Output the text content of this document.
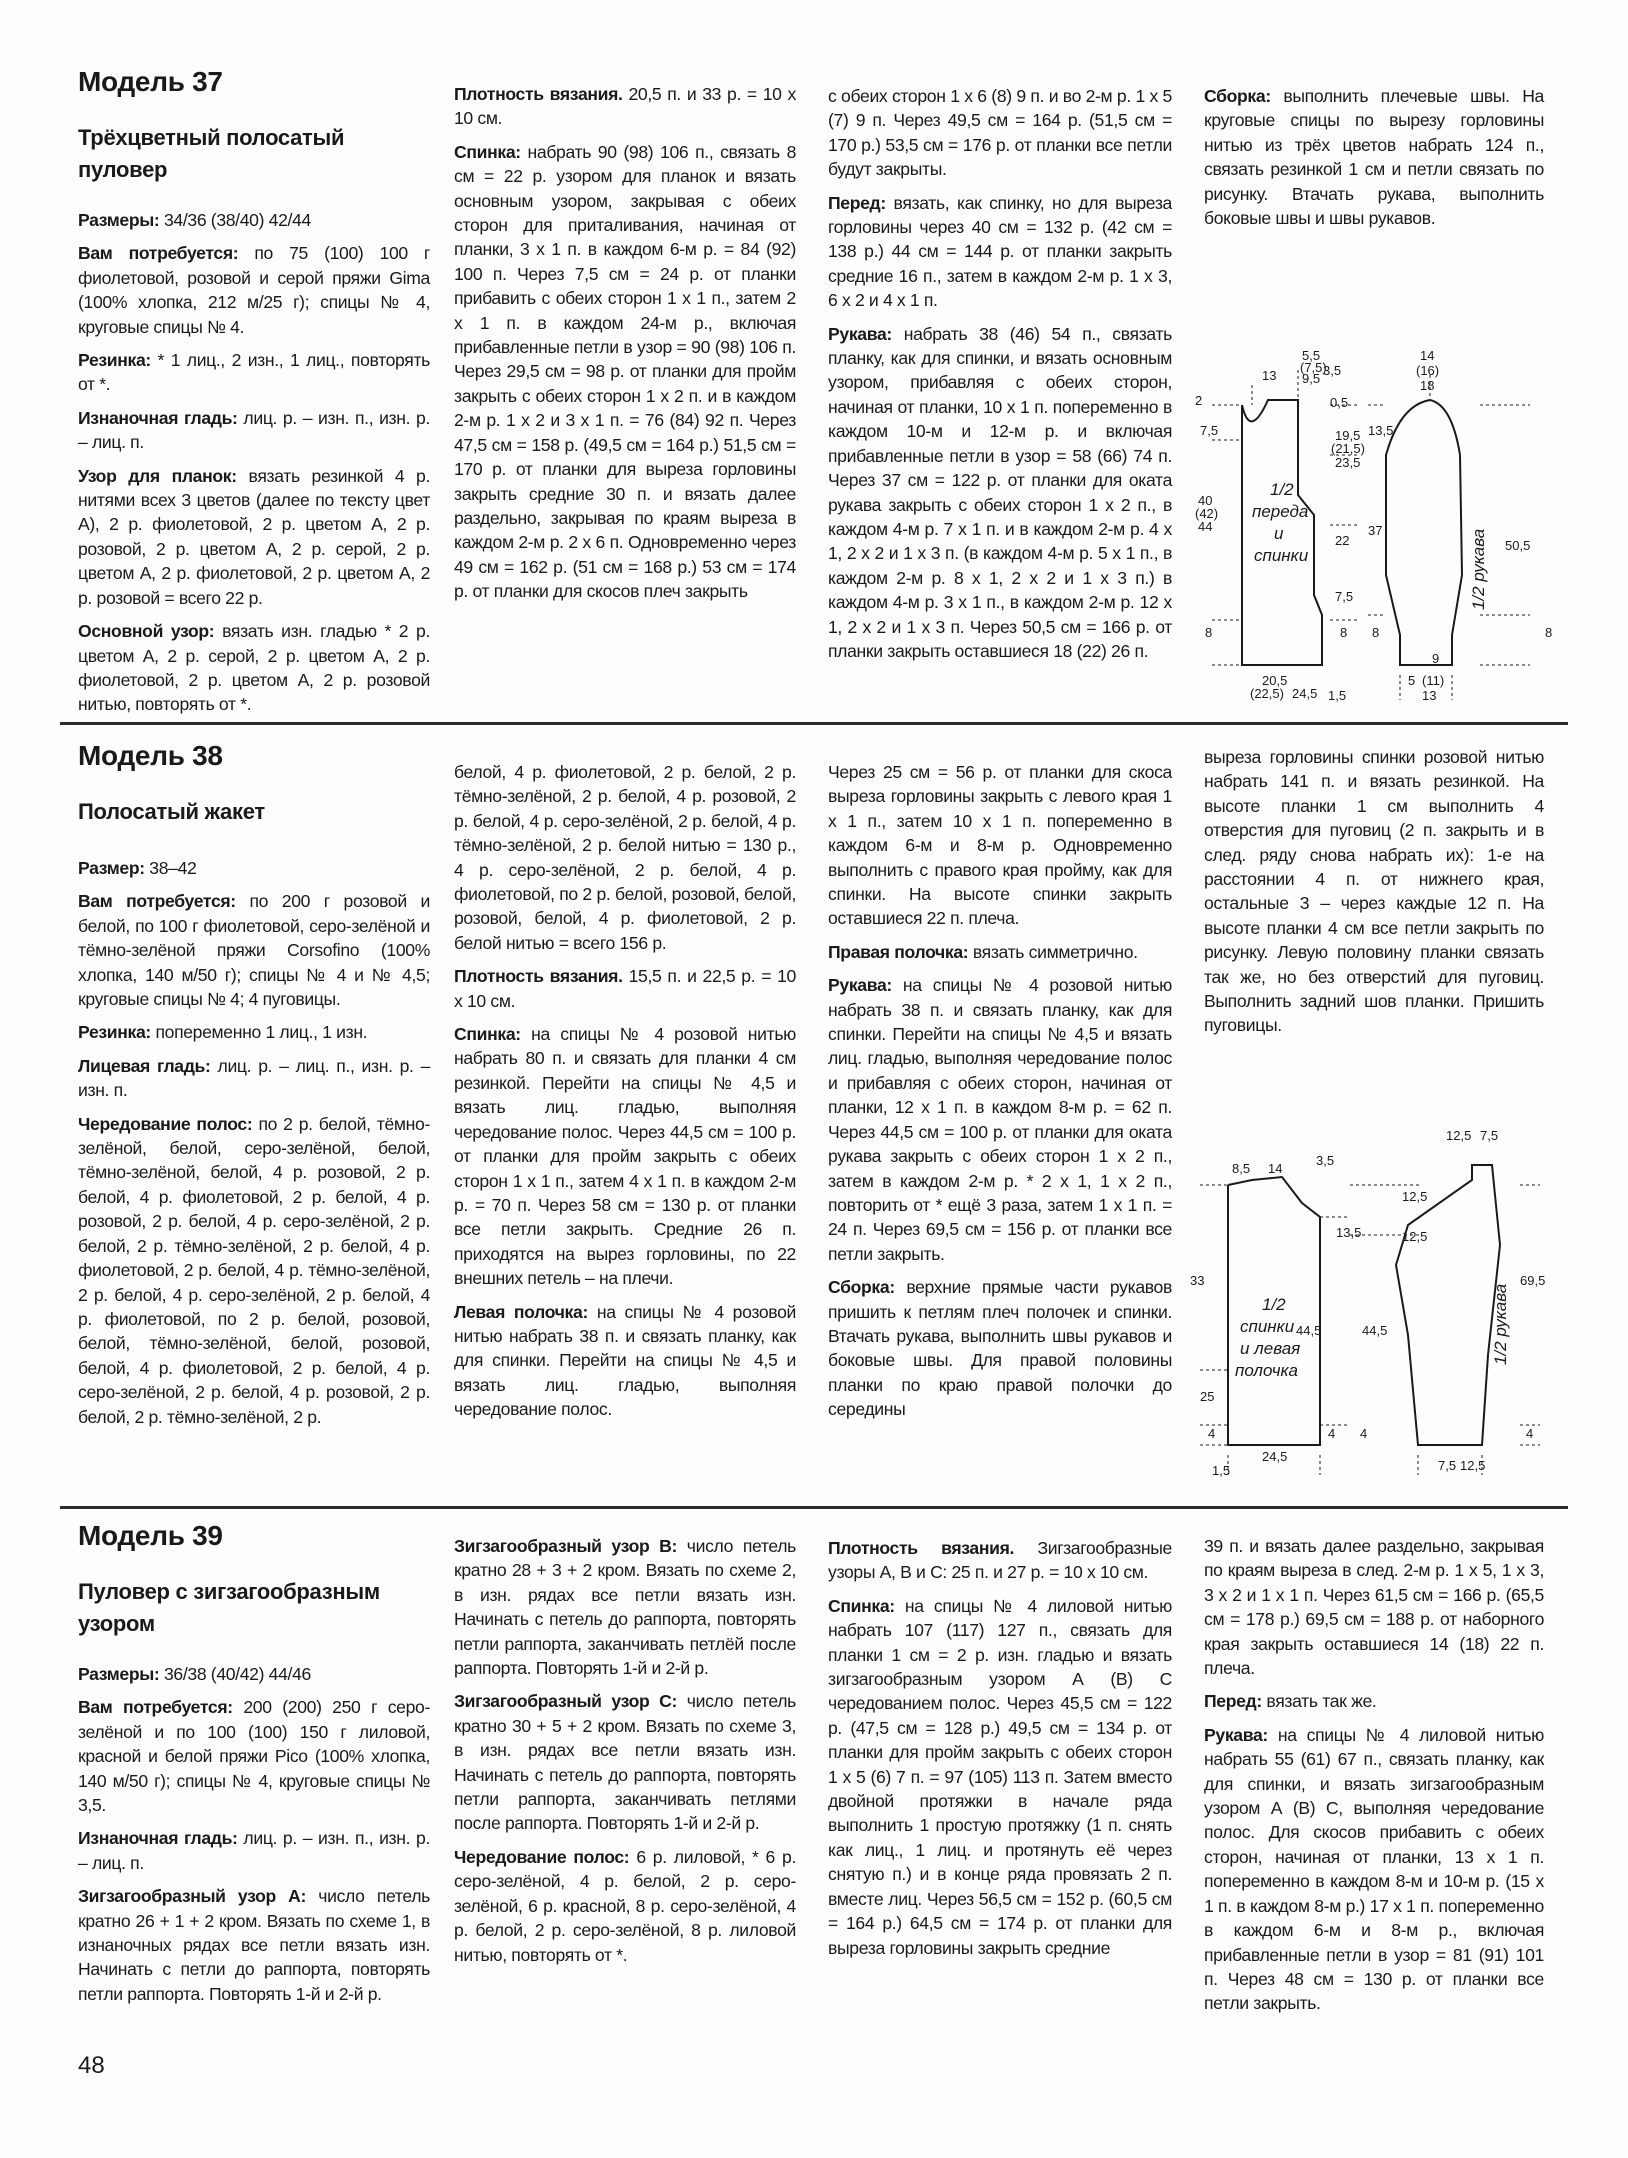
Модель 37
Трёхцветный полосатый пуловер
Размеры: 34/36 (38/40) 42/44
Вам потребуется: по 75 (100) 100 г фиолетовой, розовой и серой пряжи Gima (100% хлопка, 212 м/25 г); спицы № 4, круговые спицы № 4.
Резинка: * 1 лиц., 2 изн., 1 лиц., повторять от *.
Изнаночная гладь: лиц. р. – изн. п., изн. р. – лиц. п.
Узор для планок: вязать резинкой 4 р. нитями всех 3 цветов (далее по тексту цвет А), 2 р. фиолетовой, 2 р. цветом А, 2 р. розовой, 2 р. цветом А, 2 р. серой, 2 р. цветом А, 2 р. фиолетовой, 2 р. цветом А, 2 р. розовой = всего 22 р.
Основной узор: вязать изн. гладью * 2 р. цветом А, 2 р. серой, 2 р. цветом А, 2 р. фиолетовой, 2 р. цветом А, 2 р. розовой нитью, повторять от *.
Плотность вязания. 20,5 п. и 33 р. = 10 х 10 см.
Спинка: набрать 90 (98) 106 п., связать 8 см = 22 р. узором для планок и вязать основным узором, закрывая с обеих сторон для приталивания, начиная от планки, 3 х 1 п. в каждом 6-м р. = 84 (92) 100 п. Через 7,5 см = 24 р. от планки прибавить с обеих сторон 1 х 1 п., затем 2 х 1 п. в каждом 24-м р., включая прибавленные петли в узор = 90 (98) 106 п. Через 29,5 см = 98 р. от планки для пройм закрыть с обеих сторон 1 х 2 п. и в каждом 2-м р. 1 х 2 и 3 х 1 п. = 76 (84) 92 п. Через 47,5 см = 158 р. (49,5 см = 164 р.) 51,5 см = 170 р. от планки для выреза горловины закрыть средние 30 п. и вязать далее раздельно, закрывая по краям выреза в каждом 2-м р. 2 х 6 п. Одновременно через 49 см = 162 р. (51 см = 168 р.) 53 см = 174 р. от планки для скосов плеч закрыть
с обеих сторон 1 х 6 (8) 9 п. и во 2-м р. 1 х 5 (7) 9 п. Через 49,5 см = 164 р. (51,5 см = 170 р.) 53,5 см = 176 р. от планки все петли будут закрыты.
Перед: вязать, как спинку, но для выреза горловины через 40 см = 132 р. (42 см = 138 р.) 44 см = 144 р. от планки закрыть средние 16 п., затем в каждом 2-м р. 1 х 3, 6 х 2 и 4 х 1 п.
Рукава: набрать 38 (46) 54 п., связать планку, как для спинки, и вязать основным узором, прибавляя с обеих сторон, начиная от планки, 10 х 1 п. попеременно в каждом 10-м и 12-м р. и включая прибавленные петли в узор = 58 (66) 74 п. Через 37 см = 122 р. от планки для оката рукава закрыть с обеих сторон 1 х 2 п., в каждом 4-м р. 7 х 1 п. и в каждом 2-м р. 4 х 1, 2 х 2 и 1 х 3 п. (в каждом 4-м р. 5 х 1 п., в каждом 2-м р. 8 х 1, 2 х 2 и 1 х 3 п.) в каждом 4-м р. 3 х 1 п., в каждом 2-м р. 12 х 1, 2 х 2 и 1 х 3 п. Через 50,5 см = 166 р. от планки закрыть оставшиеся 18 (22) 26 п.
Сборка: выполнить плечевые швы. На круговые спицы по вырезу горловины нитью из трёх цветов набрать 124 п., связать резинкой 1 см и петли связать по рисунку. Втачать рукава, выполнить боковые швы и швы рукавов.
13
5,5
(7,5)
9,5
3,5
2	0,5
7,5	19,5
(21,5)
23,5
40
(42)
44
22
7,5
8	8
20,5
(22,5) 24,5 1,5
14
(16)
18
13,5
37
50,5
8	8
9
5 (11)
13
1/2
переда
и
спинки	1/2 рукава
Модель 38
Полосатый жакет
Размер: 38–42
Вам потребуется: по 200 г розовой и белой, по 100 г фиолетовой, серо-зелёной и тёмно-зелёной пряжи Corsofino (100% хлопка, 140 м/50 г); спицы № 4 и № 4,5; круговые спицы № 4; 4 пуговицы.
Резинка: попеременно 1 лиц., 1 изн.
Лицевая гладь: лиц. р. – лиц. п., изн. р. – изн. п.
Чередование полос: по 2 р. белой, тёмно-зелёной, белой, серо-зелёной, белой, тёмно-зелёной, белой, 4 р. розовой, 2 р. белой, 4 р. фиолетовой, 2 р. белой, 4 р. розовой, 2 р. белой, 4 р. серо-зелёной, 2 р. белой, 2 р. тёмно-зелёной, 2 р. белой, 4 р. фиолетовой, 2 р. белой, 4 р. тёмно-зелёной, 2 р. белой, 4 р. серо-зелёной, 2 р. белой, 4 р. фиолетовой, по 2 р. белой, розовой, белой, тёмно-зелёной, белой, розовой, белой, 4 р. фиолетовой, 2 р. белой, 4 р. серо-зелёной, 2 р. белой, 4 р. розовой, 2 р. белой, 2 р. тёмно-зелёной, 2 р.
белой, 4 р. фиолетовой, 2 р. белой, 2 р. тёмно-зелёной, 2 р. белой, 4 р. розовой, 2 р. белой, 4 р. серо-зелёной, 2 р. белой, 4 р. тёмно-зелёной, 2 р. белой нитью = 130 р., 4 р. серо-зелёной, 2 р. белой, 4 р. фиолетовой, по 2 р. белой, розовой, белой, розовой, белой, 4 р. фиолетовой, 2 р. белой нитью = всего 156 р.
Плотность вязания. 15,5 п. и 22,5 р. = 10 х 10 см.
Спинка: на спицы № 4 розовой нитью набрать 80 п. и связать для планки 4 см резинкой. Перейти на спицы № 4,5 и вязать лиц. гладью, выполняя чередование полос. Через 44,5 см = 100 р. от планки для пройм закрыть с обеих сторон 1 х 1 п., затем 4 х 1 п. в каждом 2-м р. = 70 п. Через 58 см = 130 р. от планки все петли закрыть. Средние 26 п. приходятся на вырез горловины, по 22 внешних петель – на плечи.
Левая полочка: на спицы № 4 розовой нитью набрать 38 п. и связать планку, как для спинки. Перейти на спицы № 4,5 и вязать лиц. гладью, выполняя чередование полос.
Через 25 см = 56 р. от планки для скоса выреза горловины закрыть с левого края 1 х 1 п., затем 10 х 1 п. попеременно в каждом 6-м и 8-м р. Одновременно выполнить с правого края пройму, как для спинки. На высоте спинки закрыть оставшиеся 22 п. плеча.
Правая полочка: вязать симметрично.
Рукава: на спицы № 4 розовой нитью набрать 38 п. и связать планку, как для спинки. Перейти на спицы № 4,5 и вязать лиц. гладью, выполняя чередование полос и прибавляя с обеих сторон, начиная от планки, 12 х 1 п. в каждом 8-м р. = 62 п. Через 44,5 см = 100 р. от планки для оката рукава закрыть с обеих сторон 1 х 2 п., затем в каждом 2-м р. * 2 х 1, 1 х 2 п., повторить от * ещё 3 раза, затем 1 х 1 п. = 24 п. Через 69,5 см = 156 р. от планки все петли закрыть.
Сборка: верхние прямые части рукавов пришить к петлям плеч полочек и спинки. Втачать рукава, выполнить швы рукавов и боковые швы. Для правой половины планки по краю правой полочки до середины
выреза горловины спинки розовой нитью набрать 141 п. и вязать резинкой. На высоте планки 1 см выполнить 4 отверстия для пуговиц (2 п. закрыть и в след. ряду снова набрать их): 1-е на расстоянии 4 п. от нижнего края, остальные 3 – через каждые 12 п. На высоте планки 4 см все петли закрыть по рисунку. Левую половину планки связать так же, но без отверстий для пуговиц. Выполнить задний шов планки. Пришить пуговицы.
8,5 14
3,5
12,5 7,5
12,5
13,5	12,5
33	69,5
44,5	44,5
25
4	4 4	4
1,5
24,5
7,5 12,5
1/2
спинки
и левая
полочка
1/2 рукава
Модель 39
Пуловер с зигзагообразным узором
Размеры: 36/38 (40/42) 44/46
Вам потребуется: 200 (200) 250 г серо-зелёной и по 100 (100) 150 г лиловой, красной и белой пряжи Pico (100% хлопка, 140 м/50 г); спицы № 4, круговые спицы № 3,5.
Изнаночная гладь: лиц. р. – изн. п., изн. р. – лиц. п.
Зигзагообразный узор А: число петель кратно 26 + 1 + 2 кром. Вязать по схеме 1, в изнаночных рядах все петли вязать изн. Начинать с петли до раппорта, повторять петли раппорта. Повторять 1-й и 2-й р.
Зигзагообразный узор В: число петель кратно 28 + 3 + 2 кром. Вязать по схеме 2, в изн. рядах все петли вязать изн. Начинать с петель до раппорта, повторять петли раппорта, заканчивать петлёй после раппорта. Повторять 1-й и 2-й р.
Зигзагообразный узор С: число петель кратно 30 + 5 + 2 кром. Вязать по схеме 3, в изн. рядах все петли вязать изн. Начинать с петель до раппорта, повторять петли раппорта, заканчивать петлями после раппорта. Повторять 1-й и 2-й р.
Чередование полос: 6 р. лиловой, * 6 р. серо-зелёной, 4 р. белой, 2 р. серо-зелёной, 6 р. красной, 8 р. серо-зелёной, 4 р. белой, 2 р. серо-зелёной, 8 р. лиловой нитью, повторять от *.
Плотность вязания. Зигзагообразные узоры А, В и С: 25 п. и 27 р. = 10 х 10 см.
Спинка: на спицы № 4 лиловой нитью набрать 107 (117) 127 п., связать для планки 1 см = 2 р. изн. гладью и вязать зигзагообразным узором А (В) С чередованием полос. Через 45,5 см = 122 р. (47,5 см = 128 р.) 49,5 см = 134 р. от планки для пройм закрыть с обеих сторон 1 х 5 (6) 7 п. = 97 (105) 113 п. Затем вместо двойной протяжки в начале ряда выполнить 1 простую протяжку (1 п. снять как лиц., 1 лиц. и протянуть её через снятую п.) и в конце ряда провязать 2 п. вместе лиц. Через 56,5 см = 152 р. (60,5 см = 164 р.) 64,5 см = 174 р. от планки для выреза горловины закрыть средние
39 п. и вязать далее раздельно, закрывая по краям выреза в след. 2-м р. 1 х 5, 1 х 3, 3 х 2 и 1 х 1 п. Через 61,5 см = 166 р. (65,5 см = 178 р.) 69,5 см = 188 р. от наборного края закрыть оставшиеся 14 (18) 22 п. плеча.
Перед: вязать так же.
Рукава: на спицы № 4 лиловой нитью набрать 55 (61) 67 п., связать планку, как для спинки, и вязать зигзагообразным узором А (В) С, выполняя чередование полос. Для скосов прибавить с обеих сторон, начиная от планки, 13 х 1 п. попеременно в каждом 8-м и 10-м р. (15 х 1 п. в каждом 8-м р.) 17 х 1 п. попеременно в каждом 6-м и 8-м р., включая прибавленные петли в узор = 81 (91) 101 п. Через 48 см = 130 р. от планки все петли закрыть.
48
